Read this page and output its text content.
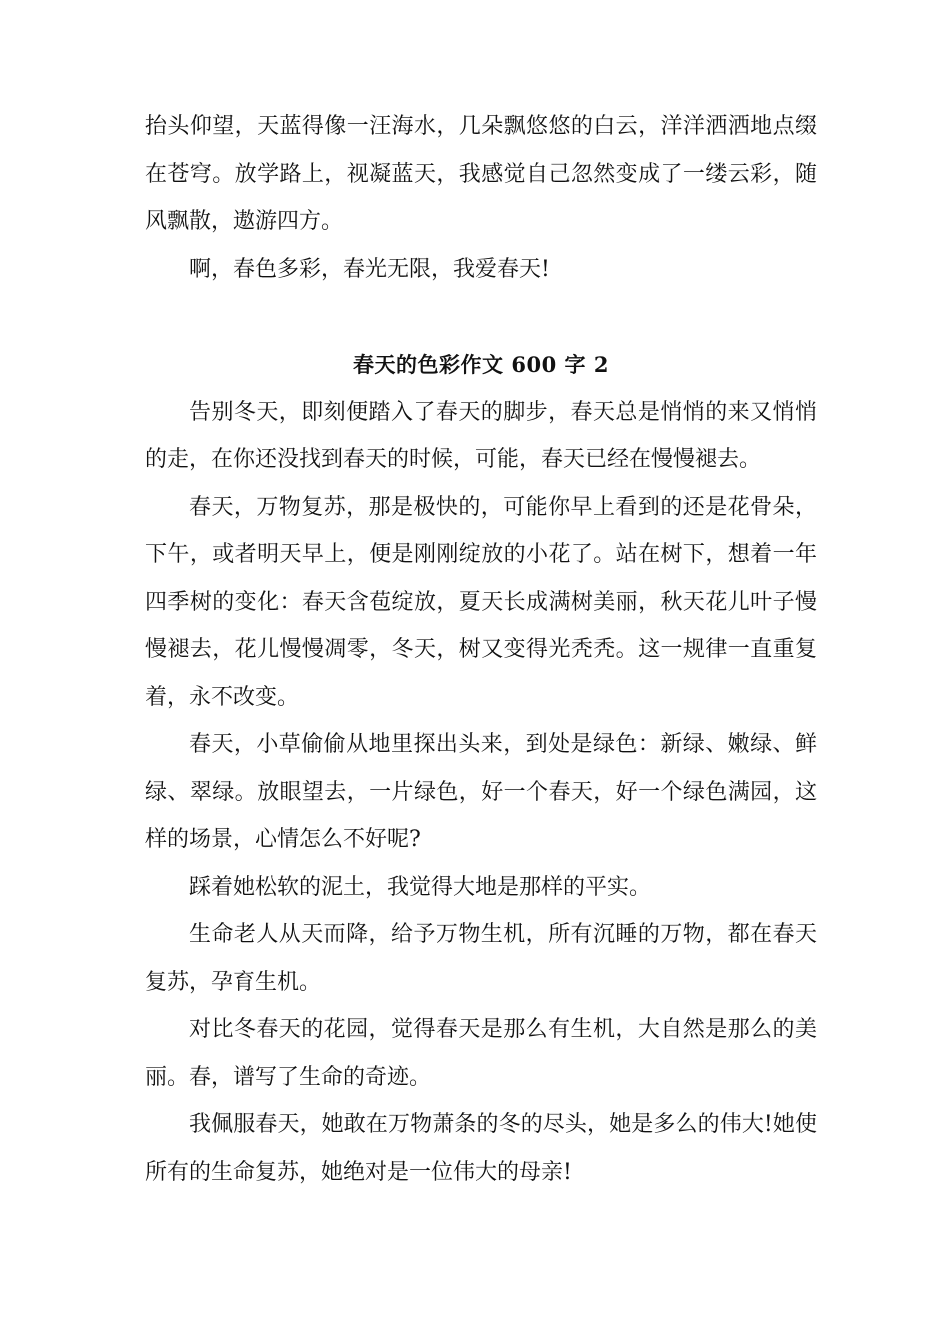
抬头仰望，天蓝得像一汪海水，几朵飘悠悠的白云，洋洋洒洒地点缀在苍穹。放学路上，视凝蓝天，我感觉自己忽然变成了一缕云彩，随风飘散，遨游四方。

啊，春色多彩，春光无限，我爱春天!

春天的色彩作文 600 字 2

告别冬天，即刻便踏入了春天的脚步，春天总是悄悄的来又悄悄的走，在你还没找到春天的时候，可能，春天已经在慢慢褪去。

春天，万物复苏，那是极快的，可能你早上看到的还是花骨朵，下午，或者明天早上，便是刚刚绽放的小花了。站在树下，想着一年四季树的变化：春天含苞绽放，夏天长成满树美丽，秋天花儿叶子慢慢褪去，花儿慢慢凋零，冬天，树又变得光秃秃。这一规律一直重复着，永不改变。

春天，小草偷偷从地里探出头来，到处是绿色：新绿、嫩绿、鲜绿、翠绿。放眼望去，一片绿色，好一个春天，好一个绿色满园，这样的场景，心情怎么不好呢?

踩着她松软的泥土，我觉得大地是那样的平实。

生命老人从天而降，给予万物生机，所有沉睡的万物，都在春天复苏，孕育生机。

对比冬春天的花园，觉得春天是那么有生机，大自然是那么的美丽。春，谱写了生命的奇迹。

我佩服春天，她敢在万物萧条的冬的尽头，她是多么的伟大!她使所有的生命复苏，她绝对是一位伟大的母亲!
